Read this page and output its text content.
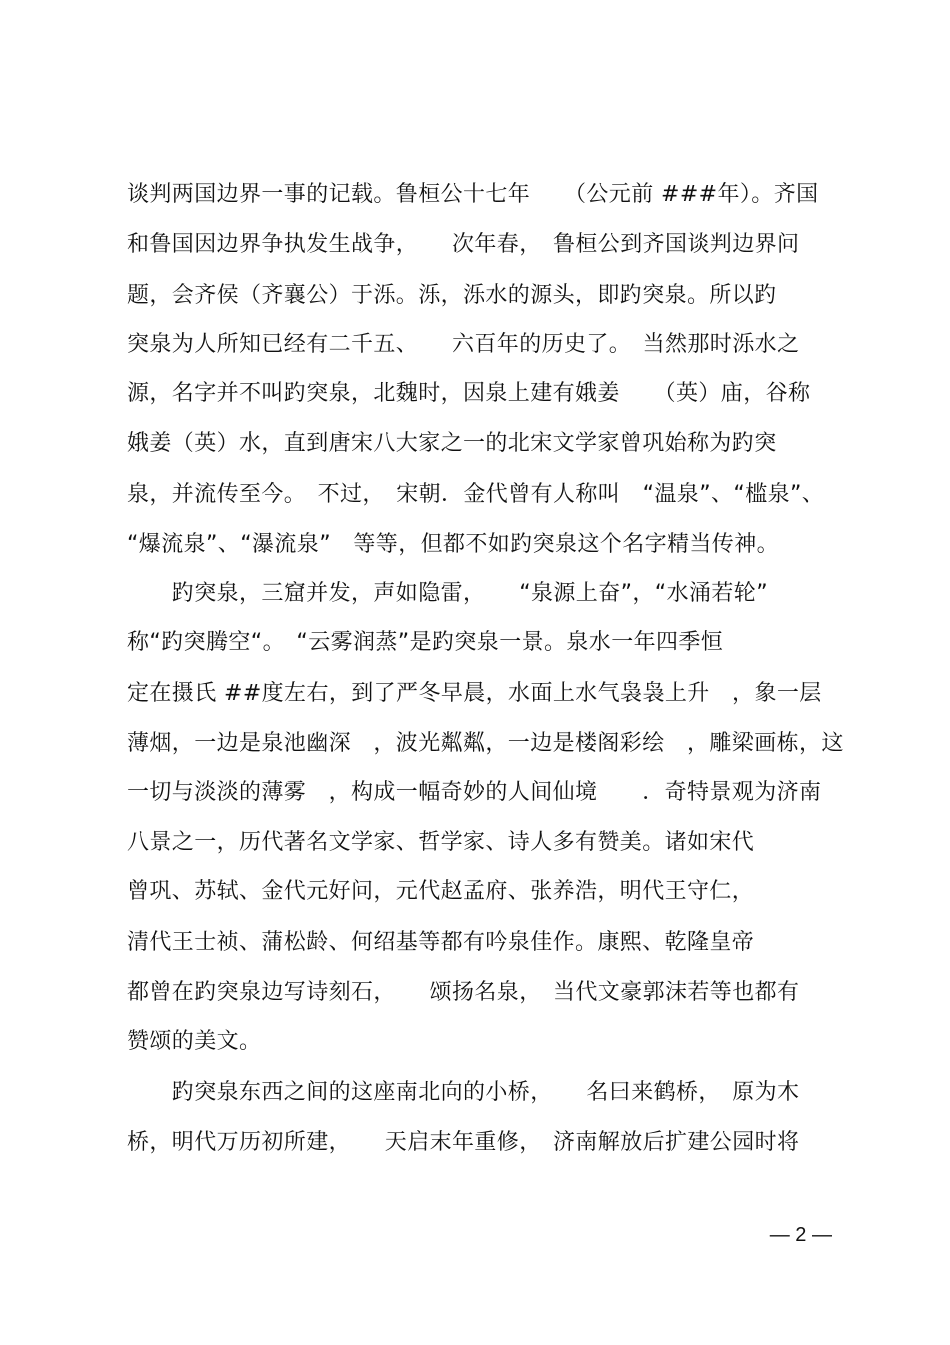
谈判两国边界一事的记载。鲁桓公十七年　　（公元前 ###年）。齐国
和鲁国因边界争执发生战争，　　次年春，　鲁桓公到齐国谈判边界问
题，会齐侯（齐襄公）于泺。泺，泺水的源头，即趵突泉。所以趵
突泉为人所知已经有二千五、　　六百年的历史了。　当然那时泺水之
源，名字并不叫趵突泉，北魏时，因泉上建有娥姜　　（英）庙，谷称
娥姜（英）水，直到唐宋八大家之一的北宋文学家曾巩始称为趵突
泉，并流传至今。　不过，　宋朝．金代曾有人称叫　“温泉”、“槛泉”、
“爆流泉”、“瀑流泉”　等等，但都不如趵突泉这个名字精当传神。
　　趵突泉，三窟并发，声如隐雷，　　“泉源上奋”，“水涌若轮”
称“趵突腾空“。　“云雾润蒸”是趵突泉一景。泉水一年四季恒
定在摄氏 ##度左右，到了严冬早晨，水面上水气袅袅上升　，象一层
薄烟，一边是泉池幽深　，波光粼粼，一边是楼阁彩绘　，雕梁画栋，这
一切与淡淡的薄雾　，构成一幅奇妙的人间仙境　　．奇特景观为济南
八景之一，历代著名文学家、哲学家、诗人多有赞美。诸如宋代
曾巩、苏轼、金代元好问，元代赵孟府、张养浩，明代王守仁，
清代王士祯、蒲松龄、何绍基等都有吟泉佳作。康熙、乾隆皇帝
都曾在趵突泉边写诗刻石，　　颂扬名泉，　当代文豪郭沫若等也都有
赞颂的美文。
　　趵突泉东西之间的这座南北向的小桥，　　名曰来鹤桥，　原为木
桥，明代万历初所建，　　天启末年重修，　济南解放后扩建公园时将
— 2 —
